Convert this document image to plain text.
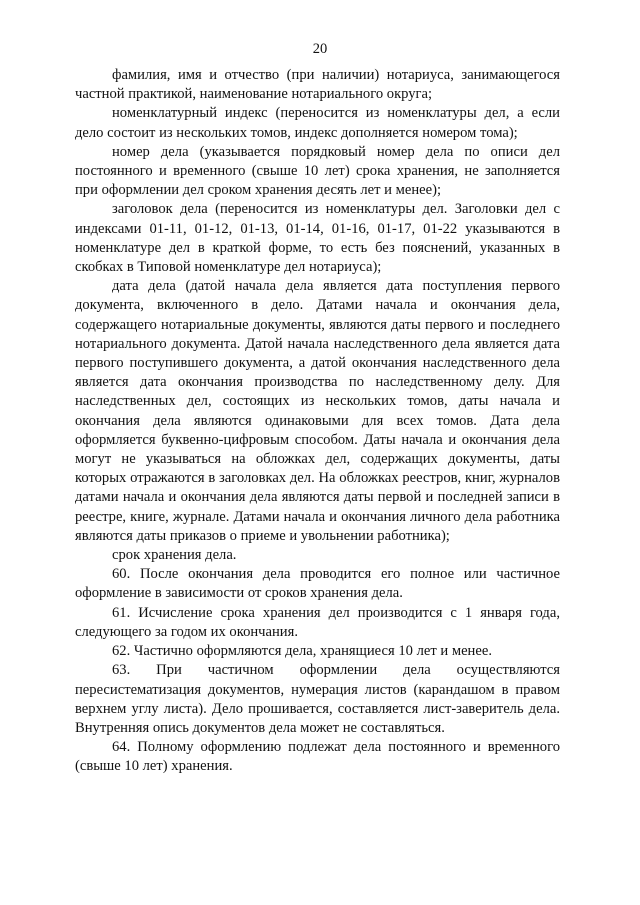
20

фамилия, имя и отчество (при наличии) нотариуса, занимающегося частной практикой, наименование нотариального округа;

номенклатурный индекс (переносится из номенклатуры дел, а если дело состоит из нескольких томов, индекс дополняется номером тома);

номер дела (указывается порядковый номер дела по описи дел постоянного и временного (свыше 10 лет) срока хранения, не заполняется при оформлении дел сроком хранения десять лет и менее);

заголовок дела (переносится из номенклатуры дел. Заголовки дел с индексами 01-11, 01-12, 01-13, 01-14, 01-16, 01-17, 01-22 указываются в номенклатуре дел в краткой форме, то есть без пояснений, указанных в скобках в Типовой номенклатуре дел нотариуса);

дата дела (датой начала дела является дата поступления первого документа, включенного в дело. Датами начала и окончания дела, содержащего нотариальные документы, являются даты первого и последнего нотариального документа. Датой начала наследственного дела является дата первого поступившего документа, а датой окончания наследственного дела является дата окончания производства по наследственному делу. Для наследственных дел, состоящих из нескольких томов, даты начала и окончания дела являются одинаковыми для всех томов. Дата дела оформляется буквенно-цифровым способом. Даты начала и окончания дела могут не указываться на обложках дел, содержащих документы, даты которых отражаются в заголовках дел. На обложках реестров, книг, журналов датами начала и окончания дела являются даты первой и последней записи в реестре, книге, журнале. Датами начала и окончания личного дела работника являются даты приказов о приеме и увольнении работника);

срок хранения дела.

60. После окончания дела проводится его полное или частичное оформление в зависимости от сроков хранения дела.

61. Исчисление срока хранения дел производится с 1 января года, следующего за годом их окончания.

62. Частично оформляются дела, хранящиеся 10 лет и менее.

63. При частичном оформлении дела осуществляются пересистематизация документов, нумерация листов (карандашом в правом верхнем углу листа). Дело прошивается, составляется лист-заверитель дела. Внутренняя опись документов дела может не составляться.

64. Полному оформлению подлежат дела постоянного и временного (свыше 10 лет) хранения.
